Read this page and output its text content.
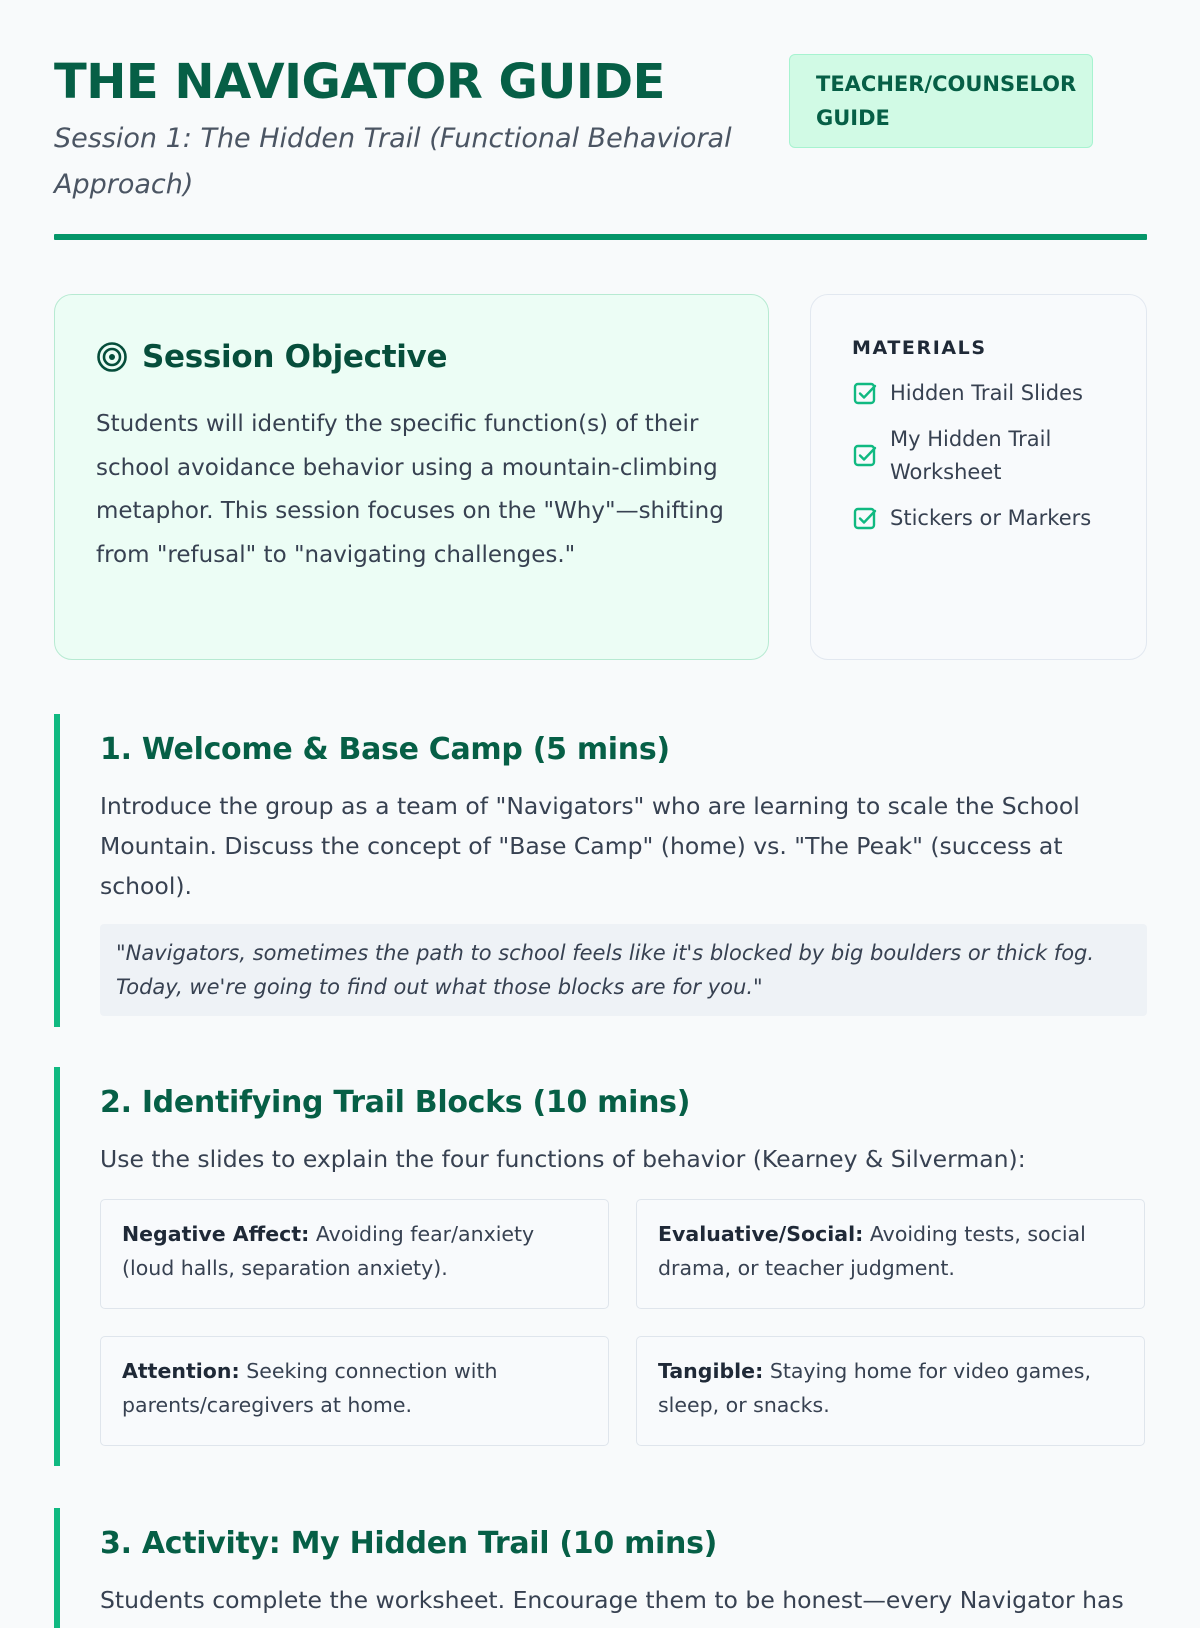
THE NAVIGATOR GUIDE

Session 1: The Hidden Trail (Functional Behavioral Approach)

TEACHER/COUNSELOR GUIDE
Session Objective

Students will identify the specific function(s) of their school avoidance behavior using a mountain-climbing metaphor. This session focuses on the "Why"—shifting from "refusal" to "navigating challenges."

MATERIALS
Hidden Trail Slides
My Hidden Trail Worksheet
Stickers or Markers
1. Welcome & Base Camp (5 mins)

Introduce the group as a team of "Navigators" who are learning to scale the School Mountain. Discuss the concept of "Base Camp" (home) vs. "The Peak" (success at school).

"Navigators, sometimes the path to school feels like it's blocked by big boulders or thick fog. Today, we're going to find out what those blocks are for you."
2. Identifying Trail Blocks (10 mins)

Use the slides to explain the four functions of behavior (Kearney & Silverman):

Negative Affect: Avoiding fear/anxiety (loud halls, separation anxiety).
Evaluative/Social: Avoiding tests, social drama, or teacher judgment.
Attention: Seeking connection with parents/caregivers at home.
Tangible: Staying home for video games, sleep, or snacks.
3. Activity: My Hidden Trail (10 mins)

Students complete the worksheet. Encourage them to be honest—every Navigator has
